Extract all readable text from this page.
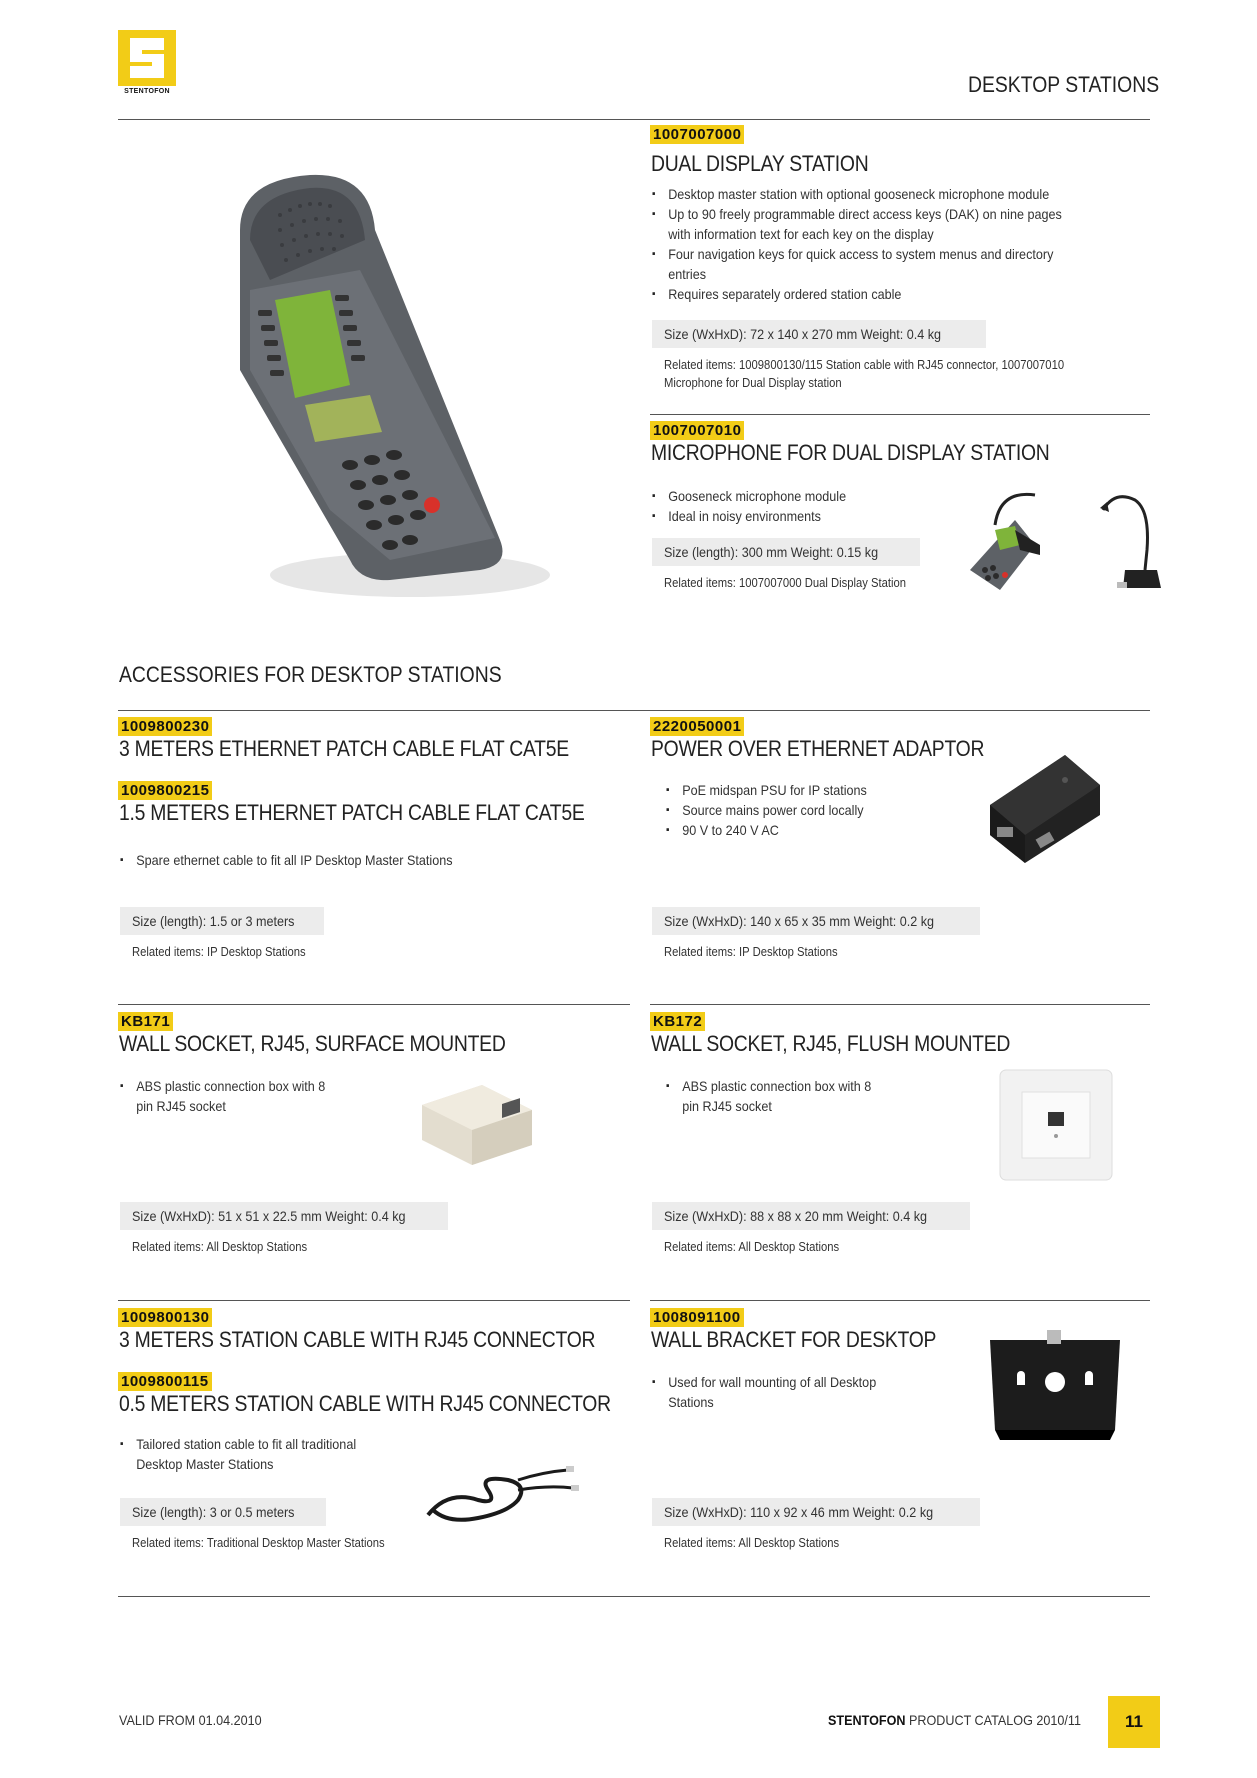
STENTOFON	DESKTOP STATIONS
1007007000
DUAL DISPLAY STATION
▪ Desktop master station with optional gooseneck microphone module
▪ Up to 90 freely programmable direct access keys (DAK) on nine pages with information text for each key on the display
▪ Four navigation keys for quick access to system menus and directory entries
▪ Requires separately ordered station cable
Size (WxHxD): 72 x 140 x 270 mm Weight: 0.4 kg
Related items: 1009800130/115 Station cable with RJ45 connector, 1007007010
Microphone for Dual Display station
1007007010
MICROPHONE FOR DUAL DISPLAY STATION
▪ Gooseneck microphone module
▪ Ideal in noisy environments
Size (length): 300 mm Weight: 0.15 kg
Related items: 1007007000 Dual Display Station
ACCESSORIES FOR DESKTOP STATIONS
1009800230
3 METERS ETHERNET PATCH CABLE FLAT CAT5E
1009800215
1.5 METERS ETHERNET PATCH CABLE FLAT CAT5E
▪ Spare ethernet cable to fit all IP Desktop Master Stations
Size (length): 1.5 or 3 meters
Related items: IP Desktop Stations
2220050001
POWER OVER ETHERNET ADAPTOR
▪ PoE midspan PSU for IP stations
▪ Source mains power cord locally
▪ 90 V to 240 V AC
Size (WxHxD): 140 x 65 x 35 mm Weight: 0.2 kg
Related items: IP Desktop Stations
KB171
WALL SOCKET, RJ45, SURFACE MOUNTED
▪ ABS plastic connection box with 8 pin RJ45 socket
Size (WxHxD): 51 x 51 x 22.5 mm Weight: 0.4 kg
Related items: All Desktop Stations
KB172
WALL SOCKET, RJ45, FLUSH MOUNTED
▪ ABS plastic connection box with 8 pin RJ45 socket
Size (WxHxD): 88 x 88 x 20 mm Weight: 0.4 kg
Related items: All Desktop Stations
1009800130
3 METERS STATION CABLE WITH RJ45 CONNECTOR
1009800115
0.5 METERS STATION CABLE WITH RJ45 CONNECTOR
▪ Tailored station cable to fit all traditional Desktop Master Stations
Size (length): 3 or 0.5 meters
Related items: Traditional Desktop Master Stations
1008091100
WALL BRACKET FOR DESKTOP
▪ Used for wall mounting of all Desktop Stations
Size (WxHxD): 110 x 92 x 46 mm Weight: 0.2 kg
Related items: All Desktop Stations
VALID FROM 01.04.2010	STENTOFON PRODUCT CATALOG 2010/11	11
